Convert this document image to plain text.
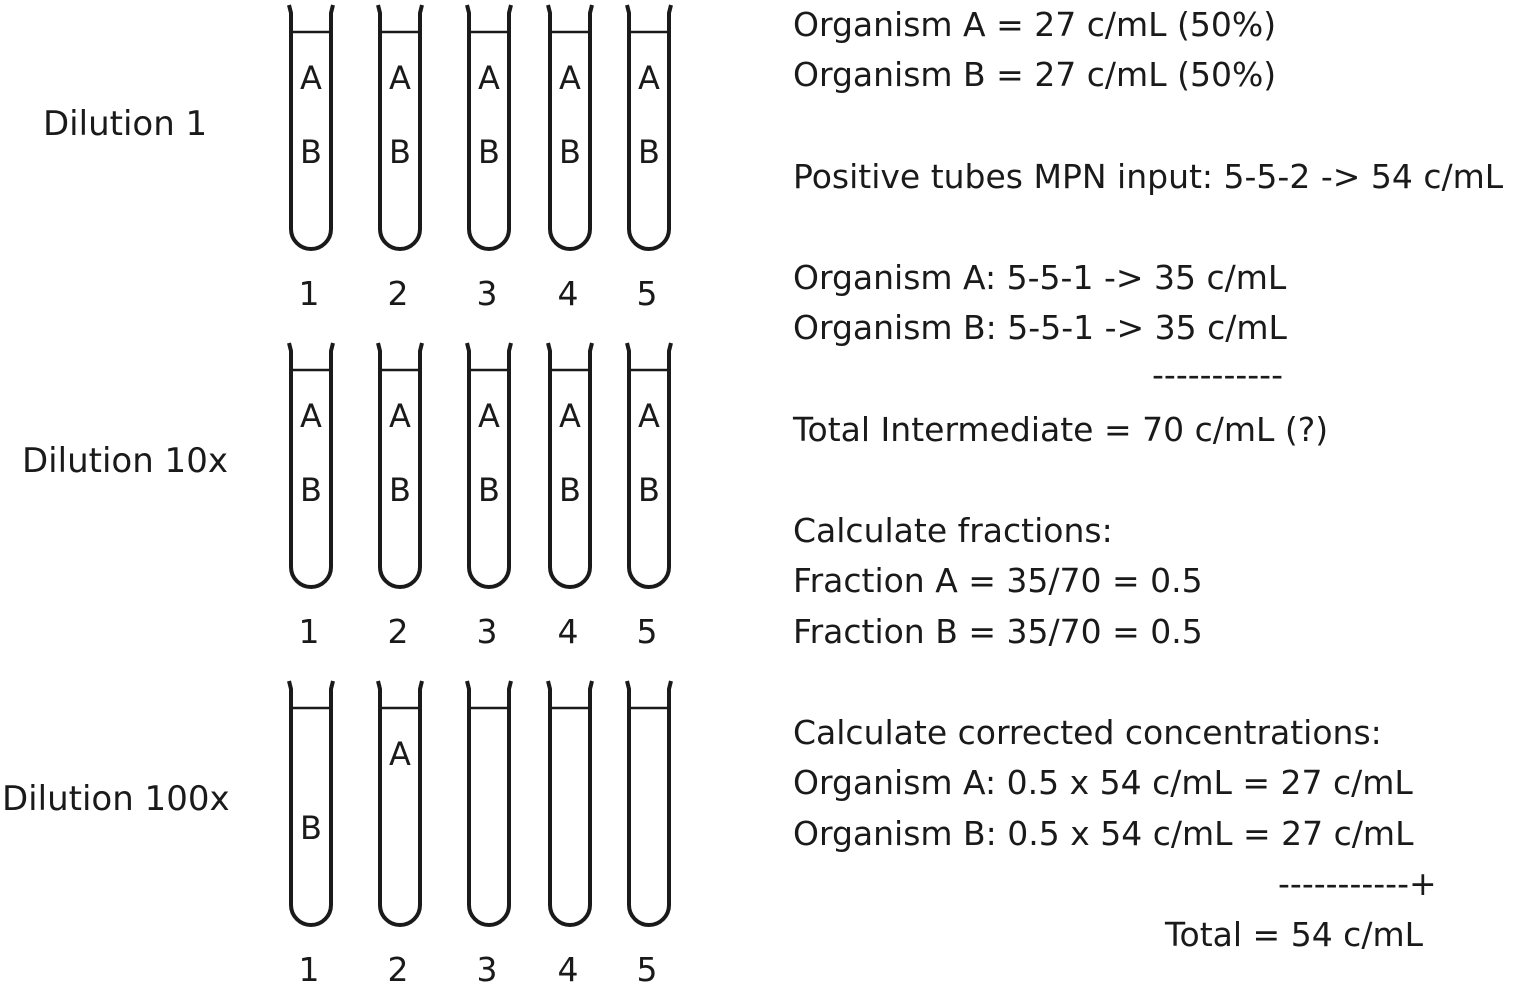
A
B
1
A
B
2
A
B
3
A
B
4
A
B
5
A
B
1
A
B
2
A
B
3
A
B
4
A
B
5
B
1
A
2 3 4 5
Dilution 1
Dilution 10x
Dilution 100x
Organism A = 27 c/mL (50%)
Organism B = 27 c/mL (50%)
Positive tubes MPN input: 5-5-2 -> 54 c/mL
Organism A: 5-5-1 -> 35 c/mL
Organism B: 5-5-1 -> 35 c/mL
-----------
Total Intermediate = 70 c/mL (?)
Calculate fractions:
Fraction A = 35/70 = 0.5
Fraction B = 35/70 = 0.5
Calculate corrected concentrations:
Organism A: 0.5 x 54 c/mL = 27 c/mL
Organism B: 0.5 x 54 c/mL = 27 c/mL
-----------+
Total = 54 c/mL
